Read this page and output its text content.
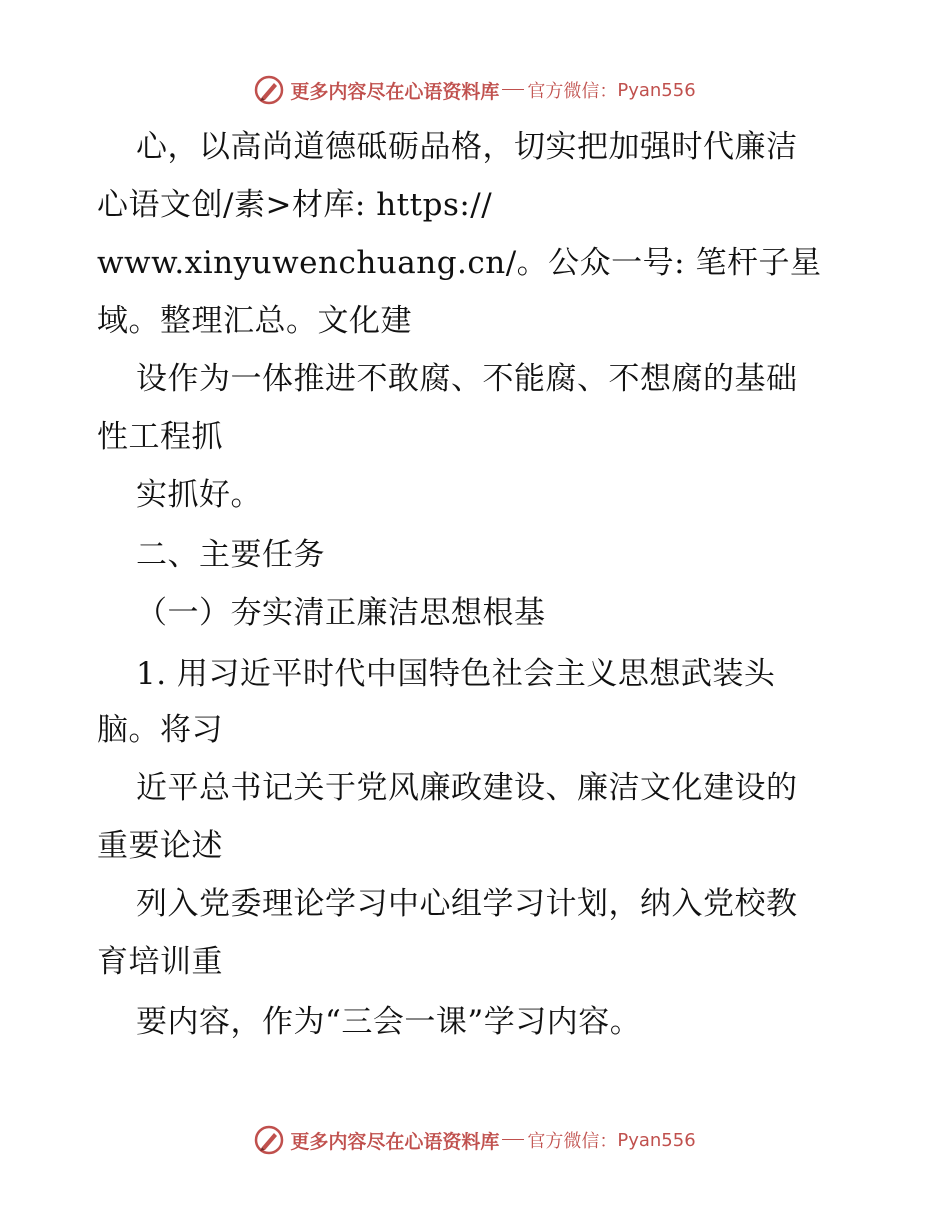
更多内容尽在心语资料库 官方微信： Pyan556
心，以高尚道德砥砺品格，切实把加强时代廉洁
心语文创/素>材库: https://
www.xinyuwenchuang.cn/。公众一号: 笔杆子星
域。整理汇总。文化建
设作为一体推进不敢腐、不能腐、不想腐的基础
性工程抓
实抓好。
二、主要任务
（一）夯实清正廉洁思想根基
1. 用习近平时代中国特色社会主义思想武装头
脑。将习
近平总书记关于党风廉政建设、廉洁文化建设的
重要论述
列入党委理论学习中心组学习计划，纳入党校教
育培训重
要内容，作为“三会一课”学习内容。
更多内容尽在心语资料库 官方微信： Pyan556
